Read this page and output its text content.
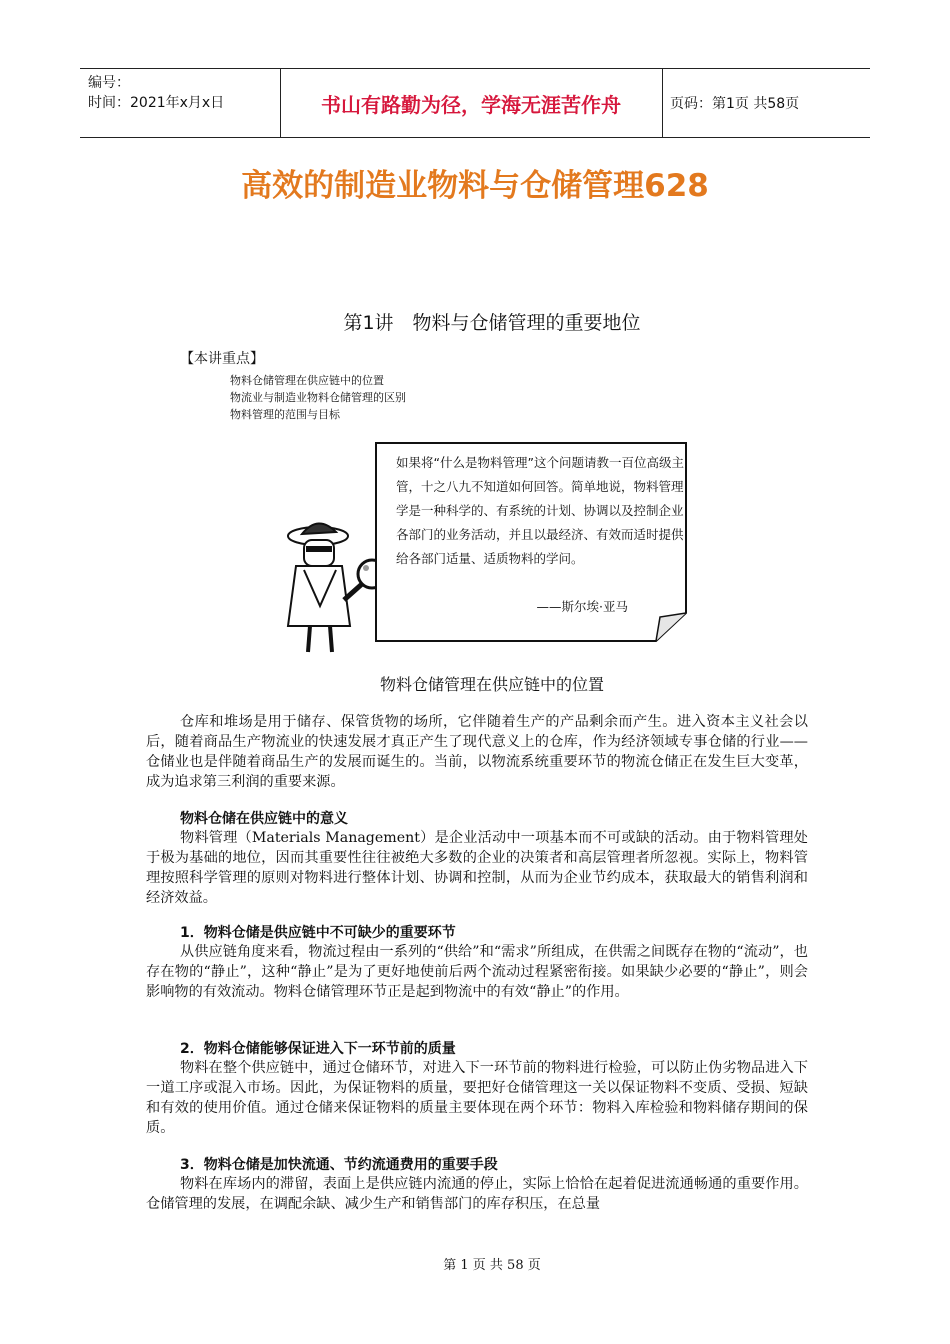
编号：
时间：2021年x月x日	书山有路勤为径，学海无涯苦作舟	页码：第1页 共58页
高效的制造业物料与仓储管理628
第1讲　物料与仓储管理的重要地位
【本讲重点】
物料仓储管理在供应链中的位置
物流业与制造业物料仓储管理的区别
物料管理的范围与目标
如果将“什么是物料管理”这个问题请教一百位高级主管，十之八九不知道如何回答。简单地说，物料管理学是一种科学的、有系统的计划、协调以及控制企业各部门的业务活动，并且以最经济、有效而适时提供给各部门适量、适质物料的学问。
——斯尔埃·亚马
物料仓储管理在供应链中的位置

仓库和堆场是用于储存、保管货物的场所，它伴随着生产的产品剩余而产生。进入资本主义社会以后，随着商品生产物流业的快速发展才真正产生了现代意义上的仓库，作为经济领域专事仓储的行业——仓储业也是伴随着商品生产的发展而诞生的。当前，以物流系统重要环节的物流仓储正在发生巨大变革，成为追求第三利润的重要来源。

物料仓储在供应链中的意义

物料管理（Materials Management）是企业活动中一项基本而不可或缺的活动。由于物料管理处于极为基础的地位，因而其重要性往往被绝大多数的企业的决策者和高层管理者所忽视。实际上，物料管理按照科学管理的原则对物料进行整体计划、协调和控制，从而为企业节约成本，获取最大的销售利润和经济效益。

1．物料仓储是供应链中不可缺少的重要环节

从供应链角度来看，物流过程由一系列的“供给”和“需求”所组成，在供需之间既存在物的“流动”，也存在物的“静止”，这种“静止”是为了更好地使前后两个流动过程紧密衔接。如果缺少必要的“静止”，则会影响物的有效流动。物料仓储管理环节正是起到物流中的有效“静止”的作用。

2．物料仓储能够保证进入下一环节前的质量

物料在整个供应链中，通过仓储环节，对进入下一环节前的物料进行检验，可以防止伪劣物品进入下一道工序或混入市场。因此，为保证物料的质量，要把好仓储管理这一关以保证物料不变质、受损、短缺和有效的使用价值。通过仓储来保证物料的质量主要体现在两个环节：物料入库检验和物料储存期间的保质。

3．物料仓储是加快流通、节约流通费用的重要手段

物料在库场内的滞留，表面上是供应链内流通的停止，实际上恰恰在起着促进流通畅通的重要作用。仓储管理的发展，在调配余缺、减少生产和销售部门的库存积压，在总量

第 1 页 共 58 页
